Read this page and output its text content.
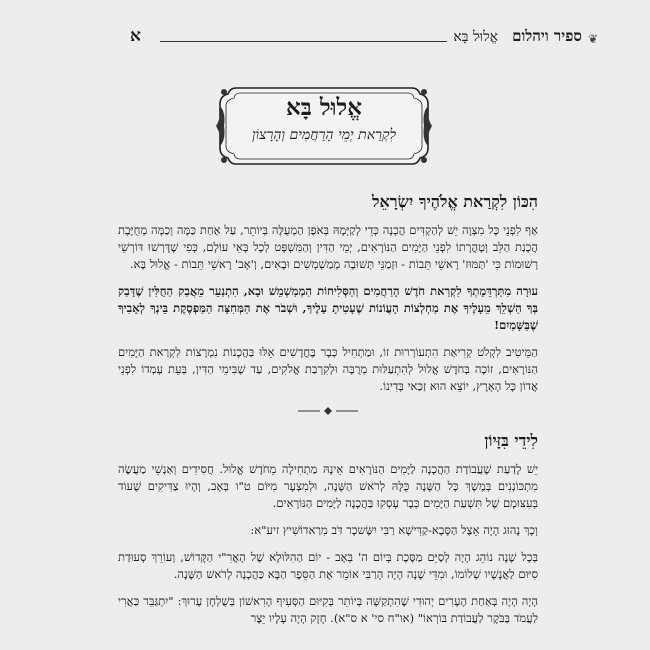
א	אֱלוּל בָּא ספיר ויהלום ❦
אֱלוּל בָּא
לִקְרַאת יְמֵי הָרַחֲמִים וְהָרָצוֹן
הִכּוֹן לִקְרַאת אֱלֹהֶיךָ יִשְׂרָאֵל

אַף לִפְנֵי כָּל מִצְוָה יֵשׁ לְהַקְדִּים הֲכָנָה כְּדֵי לְקַיְּמָהּ בְּאֹפֶן הַמְעֻלֶּה בְּיוֹתֵר, עַל אַחַת כַּמָּה וְכַמָּה מְחֻיֶּבֶת הֲכָנַת הַלֵּב וְטָהֳרָתוֹ לִפְנֵי הַיָּמִים הַנּוֹרָאִים, יְמֵי הַדִּין וְהַמִּשְׁפָּט לְכָל בָּאֵי עוֹלָם, כְּפִי שֶׁדָּרְשׁוּ דּוֹרְשֵׁי רְשׁוּמוֹת כִּי 'תַּמּוּז' רָאשֵׁי תֵּבוֹת - וּזְמַנֵּי תְּשׁוּבָה מְמַשְׁמְשִׁים וּבָאִים, וְ'אָב' רָאשֵׁי תֵּבוֹת - אֱלוּל בָּא.

עוּרָה מִתַּרְדֵּמָתְךָ לִקְרַאת חֹדֶשׁ הָרַחֲמִים וְהַסְּלִיחוֹת הַמְמַשְׁמֵשׁ וּבָא, הִתְנַעֵר מֵאֲבַק הַחֻלִּין שֶׁדָּבַק בְּךָ הַשְׁלֵךְ מֵעָלֶיךָ אֶת מַחְלְצוֹת הָעֲוֹנוֹת שֶׁעָטִיתָ עָלֶיךָ, וּשְׁבֹר אֶת הַמְּחִצָּה הַמַּפְסֶקֶת בֵּינְךָ לְאָבִיךָ שֶׁבַּשָּׁמַיִם!

הַמֵּיטִיב לִקְלֹט קְרִיאַת הִתְעוֹרְרוּת זוֹ, וּמַתְחִיל כְּבָר בֶּחֳדָשִׁים אֵלּוּ בַּהֲכָנוֹת נִמְרָצוֹת לִקְרַאת הַיָּמִים הַנּוֹרָאִים, זוֹכֶה בְּחֹדֶשׁ אֱלוּל לְהִתְעַלּוּת מְרֻבָּה וּלְקִרְבַת אֱלֹקִים, עַד שֶׁבִּימֵי הַדִּין, בְּעֵת עָמְדוֹ לִפְנֵי אֲדוֹן כָּל הָאָרֶץ, יוֹצֵא הוּא זַכַּאי בְּדִינוֹ.

לִידֵי בִּזָּיוֹן

יֵשׁ לָדַעַת שֶׁעֲבוֹדַת הַהֲכָנָה לַיָּמִים הַנּוֹרָאִים אֵינָהּ מַתְחִילָה מֵחֹדֶשׁ אֱלוּל. חֲסִידִים וְאַנְשֵׁי מַעֲשֶׂה מִתְכּוֹנְנִים בְּמֶשֶׁךְ כָּל הַשָּׁנָה כֻּלָּהּ לְרֹאשׁ הַשָּׁנָה, וּלְמִצְעָר מִיּוֹם ט"ו בְּאָב, וְהָיוּ צַדִּיקִים שֶׁעוֹד בְּעִצּוּמָם שֶׁל תִּשְׁעַת הַיָּמִים כְּבָר עָסְקוּ בַּהֲכָנָה לַיָּמִים הַנּוֹרָאִים.

וְכָךְ נָהוּג הָיָה אֵצֶל הַסָּבָא-קַדִּישָׁא רַבִּי יִשָּׂשכָר דֹּב מִרַאדוֹשִׁיץ זיע"א:

בְּכָל שָׁנָה נוֹהֵג הָיָה לְסַיֵּם מַסֶּכֶת בְּיוֹם ה' בְּאָב - יוֹם הַהִלּוּלָא שֶׁל הָאֲרִ"י הַקָּדוֹשׁ, וְעוֹרֵךְ סְעוּדַת סִיּוּם לַאֲנָשָׁיו שְׁלוֹמוֹ, וּמִדֵּי שָׁנָה הָיָה הָרַבִּי אוֹמֵר אֶת הַסֵּפֶר הַבָּא כַּהֲכָנָה לְרֹאשׁ הַשָּׁנָה.

הָיָה הָיָה בְּאַחַת הֶעָרִים יְהוּדִי שֶׁהִתְקַשָּׁה בְּיוֹתֵר בְּקִיּוּם הַסְּעִיף הָרִאשׁוֹן בְּשֻׁלְחָן עָרוּךְ: "יִתְגַּבֵּר כַּאֲרִי לַעֲמֹד בַּבֹּקֶר לַעֲבוֹדַת בּוֹרְאוֹ" (או"ח סי' א ס"א). חָזָק הָיָה עָלָיו יֵצֶר
